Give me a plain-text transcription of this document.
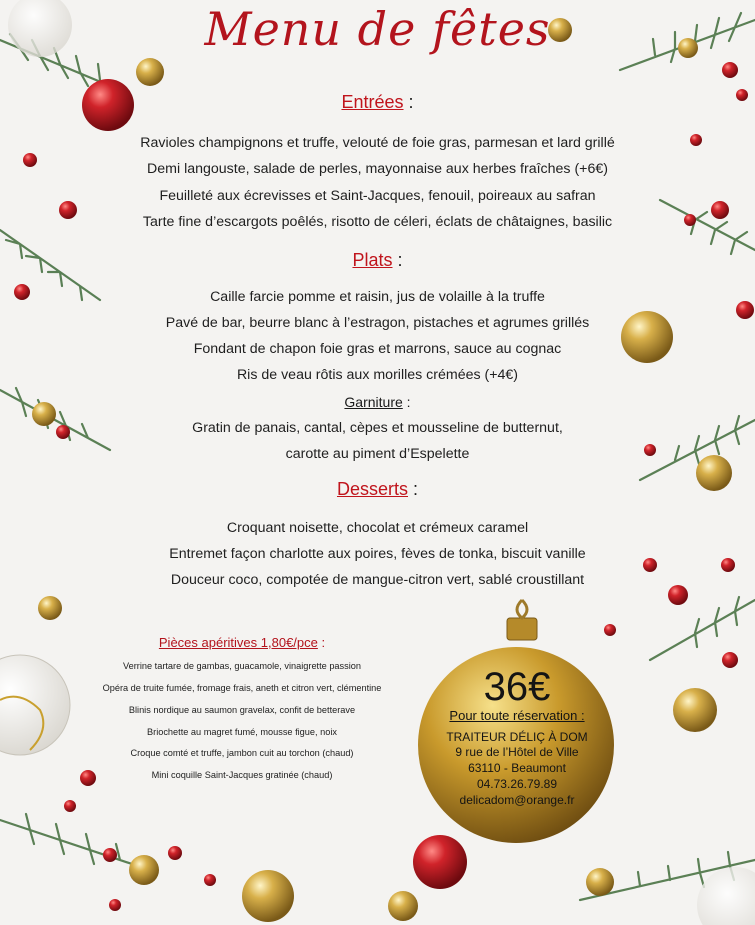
Menu de fêtes
Entrées :
Ravioles champignons et truffe, velouté de foie gras, parmesan et lard grillé
Demi langouste, salade de perles, mayonnaise aux herbes fraîches (+6€)
Feuilleté aux écrevisses et Saint-Jacques, fenouil, poireaux au safran
Tarte fine d’escargots poêlés, risotto de céleri, éclats de châtaignes, basilic
Plats :
Caille farcie pomme et raisin, jus de volaille à la truffe
Pavé de bar, beurre blanc à l’estragon, pistaches et agrumes grillés
Fondant de chapon foie gras et marrons, sauce au cognac
Ris de veau rôtis aux morilles crémées (+4€)
Garniture :
Gratin de panais, cantal, cèpes et mousseline de butternut,
carotte au piment d’Espelette
Desserts :
Croquant noisette, chocolat et crémeux caramel
Entremet façon charlotte aux poires, fèves de tonka, biscuit vanille
Douceur coco, compotée de mangue-citron vert, sablé croustillant
Pièces apéritives 1,80€/pce :
Verrine tartare de gambas, guacamole, vinaigrette passion
Opéra de truite fumée, fromage frais, aneth et citron vert, clémentine
Blinis nordique au saumon gravelax, confit de betterave
Briochette au magret fumé, mousse figue, noix
Croque comté et truffe, jambon cuit au torchon (chaud)
Mini coquille Saint-Jacques gratinée (chaud)
36€
Pour toute réservation :
TRAITEUR DÉLIÇ À DOM
9 rue de l’Hôtel de Ville
63110 - Beaumont
04.73.26.79.89
delicadom@orange.fr
